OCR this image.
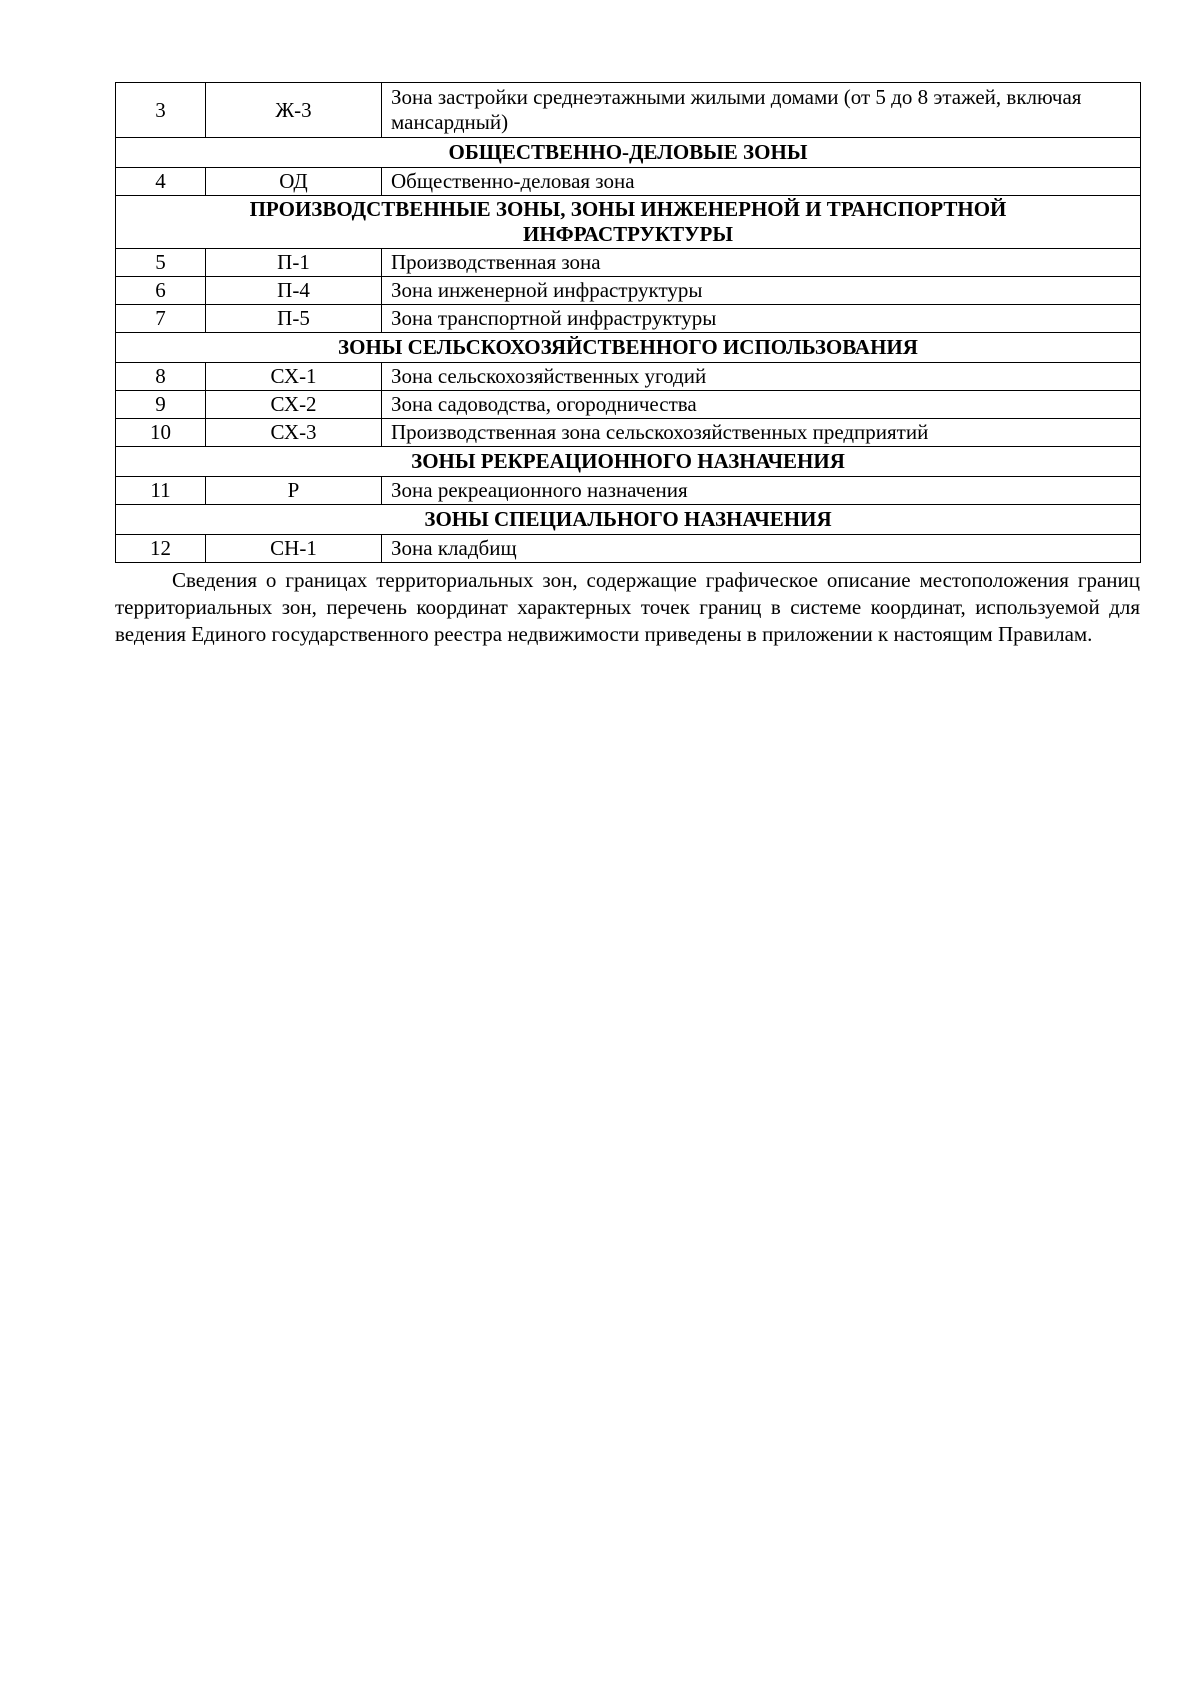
3	Ж-3	Зона застройки среднеэтажными жилыми домами (от 5 до 8 этажей, включая мансардный)
ОБЩЕСТВЕННО-ДЕЛОВЫЕ ЗОНЫ		
4	ОД	Общественно-деловая зона
ПРОИЗВОДСТВЕННЫЕ ЗОНЫ, ЗОНЫ ИНЖЕНЕРНОЙ И ТРАНСПОРТНОЙ ИНФРАСТРУКТУРЫ		
5	П-1	Производственная зона
6	П-4	Зона инженерной инфраструктуры
7	П-5	Зона транспортной инфраструктуры
ЗОНЫ СЕЛЬСКОХОЗЯЙСТВЕННОГО ИСПОЛЬЗОВАНИЯ		
8	СХ-1	Зона сельскохозяйственных угодий
9	СХ-2	Зона садоводства, огородничества
10	СХ-3	Производственная зона сельскохозяйственных предприятий
ЗОНЫ РЕКРЕАЦИОННОГО НАЗНАЧЕНИЯ		
11	Р	Зона рекреационного назначения
ЗОНЫ СПЕЦИАЛЬНОГО НАЗНАЧЕНИЯ		
12	СН-1	Зона кладбищ

Сведения о границах территориальных зон, содержащие графическое описание местоположения границ территориальных зон, перечень координат характерных точек границ в системе координат, используемой для ведения Единого государственного реестра недвижимости приведены в приложении к настоящим Правилам.
